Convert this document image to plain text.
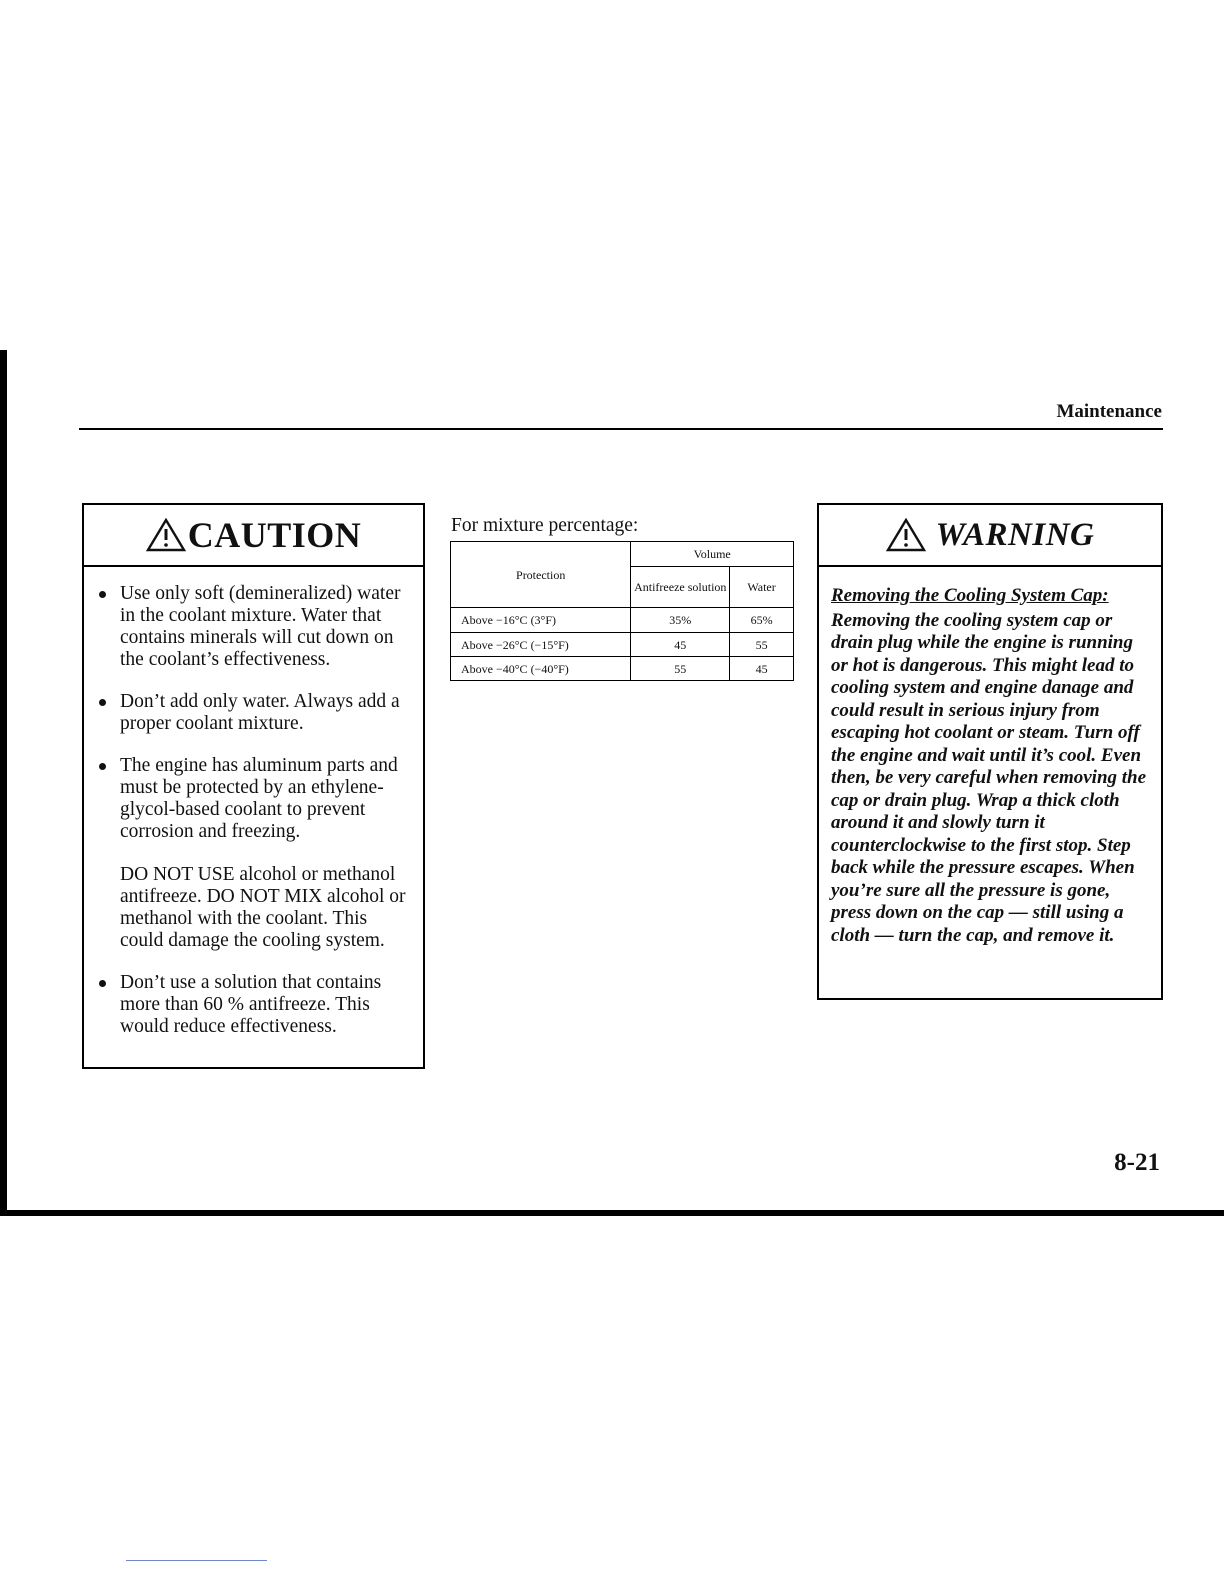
Maintenance
CAUTION

Use only soft (demineralized) water in the coolant mixture. Water that contains minerals will cut down on the coolant’s effectiveness.

Don’t add only water. Always add a proper coolant mixture.

The engine has aluminum parts and must be protected by an ethylene-glycol-based coolant to prevent corrosion and freezing.

DO NOT USE alcohol or methanol antifreeze. DO NOT MIX alcohol or methanol with the coolant. This could damage the cooling system.

Don’t use a solution that contains more than 60 % antifreeze. This would reduce effectiveness.

For mixture percentage:
Protection	Volume	
	Antifreeze solution	Water
Above −16°C (3°F)	35%	65%
Above −26°C (−15°F)	45	55
Above −40°C (−40°F)	55	45
WARNING

Removing the Cooling System Cap:

Removing the cooling system cap or drain plug while the engine is running or hot is dangerous. This might lead to cooling system and engine danage and could result in serious injury from escaping hot coolant or steam. Turn off the engine and wait until it’s cool. Even then, be very careful when removing the cap or drain plug. Wrap a thick cloth around it and slowly turn it counterclockwise to the first stop. Step back while the pressure escapes. When you’re sure all the pressure is gone, press down on the cap — still using a cloth — turn the cap, and remove it.

8-21
